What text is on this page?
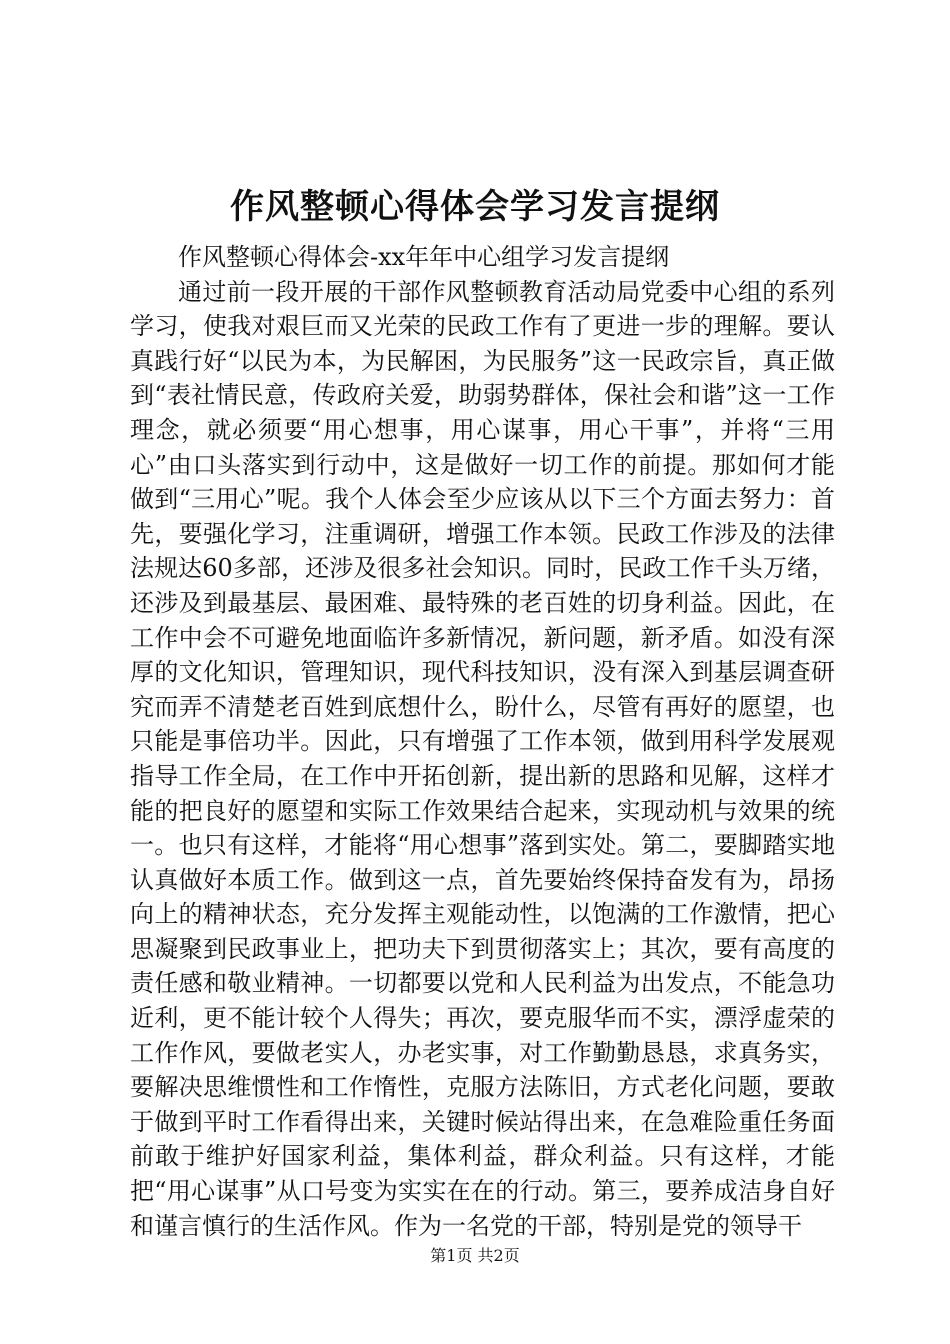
作风整顿心得体会学习发言提纲

作风整顿心得体会-xx年年中心组学习发言提纲

通过前一段开展的干部作风整顿教育活动局党委中心组的系列学习，使我对艰巨而又光荣的民政工作有了更进一步的理解。要认真践行好“以民为本，为民解困，为民服务”这一民政宗旨，真正做到“表社情民意，传政府关爱，助弱势群体，保社会和谐”这一工作理念，就必须要“用心想事，用心谋事，用心干事”，并将“三用心”由口头落实到行动中，这是做好一切工作的前提。那如何才能做到“三用心”呢。我个人体会至少应该从以下三个方面去努力：首先，要强化学习，注重调研，增强工作本领。民政工作涉及的法律法规达60多部，还涉及很多社会知识。同时，民政工作千头万绪，还涉及到最基层、最困难、最特殊的老百姓的切身利益。因此，在工作中会不可避免地面临许多新情况，新问题，新矛盾。如没有深厚的文化知识，管理知识，现代科技知识，没有深入到基层调查研究而弄不清楚老百姓到底想什么，盼什么，尽管有再好的愿望，也只能是事倍功半。因此，只有增强了工作本领，做到用科学发展观指导工作全局，在工作中开拓创新，提出新的思路和见解，这样才能的把良好的愿望和实际工作效果结合起来，实现动机与效果的统一。也只有这样，才能将“用心想事”落到实处。第二，要脚踏实地认真做好本质工作。做到这一点，首先要始终保持奋发有为，昂扬向上的精神状态，充分发挥主观能动性，以饱满的工作激情，把心思凝聚到民政事业上，把功夫下到贯彻落实上；其次，要有高度的责任感和敬业精神。一切都要以党和人民利益为出发点，不能急功近利，更不能计较个人得失；再次，要克服华而不实，漂浮虚荣的工作作风，要做老实人，办老实事，对工作勤勤恳恳，求真务实，要解决思维惯性和工作惰性，克服方法陈旧，方式老化问题，要敢于做到平时工作看得出来，关键时候站得出来，在急难险重任务面前敢于维护好国家利益，集体利益，群众利益。只有这样，才能把“用心谋事”从口号变为实实在在的行动。第三，要养成洁身自好和谨言慎行的生活作风。作为一名党的干部，特别是党的领导干

第1页 共2页
